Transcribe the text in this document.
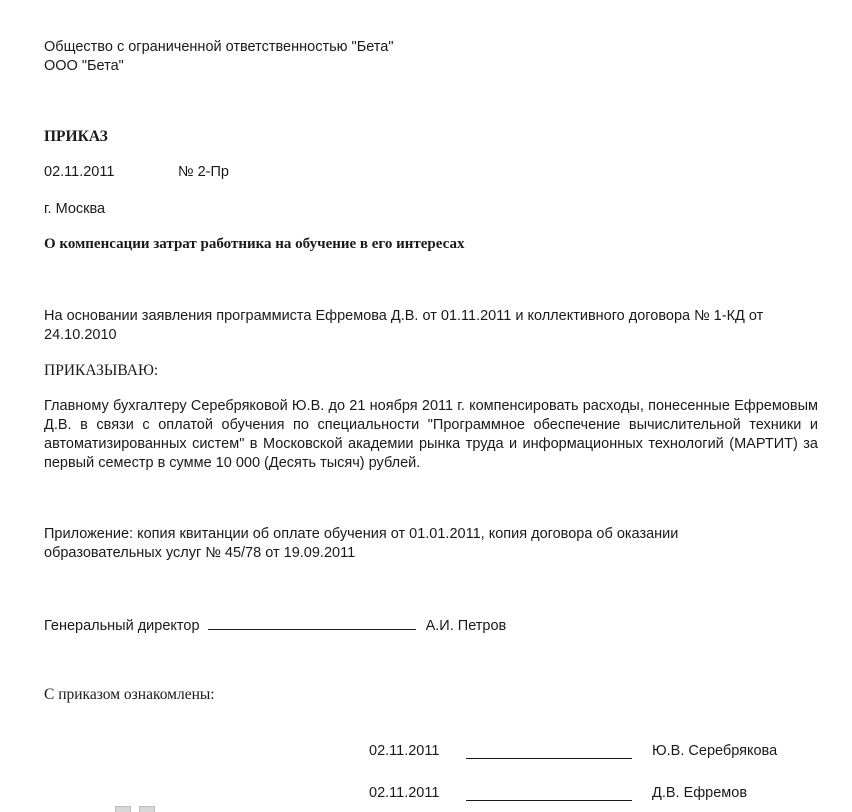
Общество с ограниченной ответственностью "Бета"
ООО "Бета"
ПРИКАЗ
02.11.2011	№ 2-Пр
г. Москва
О компенсации затрат работника на обучение в его интересах
На основании заявления программиста Ефремова Д.В. от 01.11.2011 и коллективного договора № 1-КД от 24.10.2010
ПРИКАЗЫВАЮ:
Главному бухгалтеру Серебряковой Ю.В. до 21 ноября 2011 г. компенсировать расходы, понесенные Ефремовым Д.В. в связи с оплатой обучения по специальности "Программное обеспечение вычислительной техники и автоматизированных систем" в Московской академии рынка труда и информационных технологий (МАРТИТ) за первый семестр в сумме 10 000 (Десять тысяч) рублей.
Приложение: копия квитанции об оплате обучения от 01.01.2011, копия договора об оказании образовательных услуг № 45/78 от 19.09.2011
Генеральный директор	А.И. Петров
С приказом ознакомлены:
02.11.2011	Ю.В. Серебрякова
02.11.2011	Д.В. Ефремов
